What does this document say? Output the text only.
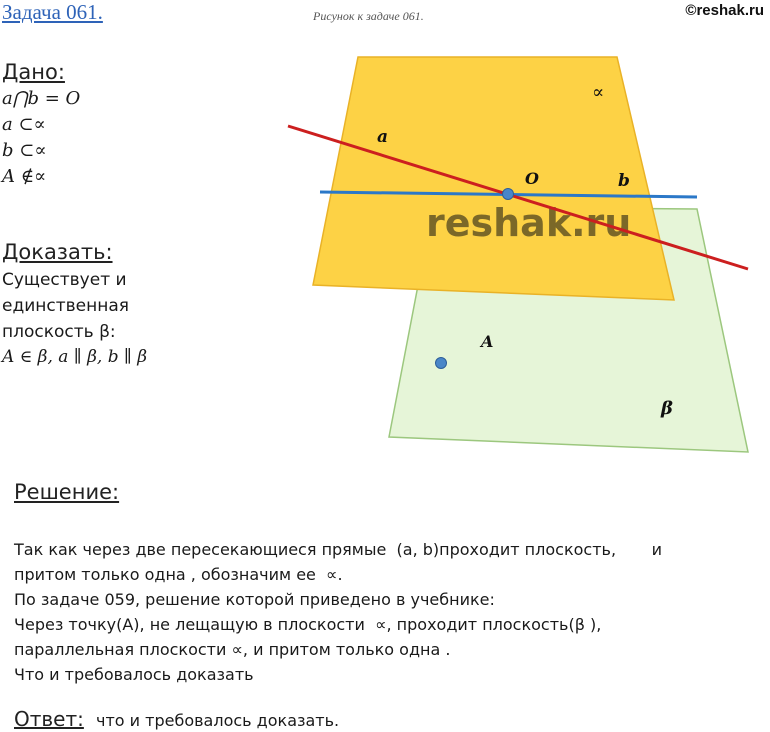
Задача 061.	Рисунок к задаче 061.	©reshak.ru
Дано:
a⋂b = O
a ⊂∝
b ⊂∝
A ∉∝
Доказать:
Существует и
единственная
плоскость β:
A ∈ β, a ∥ β, b ∥ β
reshak.ru
∝
a
O	b
A
β
Решение:
Так как через две пересекающиеся прямые  (a, b)проходит плоскость,       и
притом только одна , обозначим ее  ∝.
По задаче 059, решение которой приведено в учебнике:
Через точку(A), не лещащую в плоскости  ∝, проходит плоскость(β ),
параллельная плоскости ∝, и притом только одна .
Что и требовалось доказать
Ответ: что и требовалось доказать.
